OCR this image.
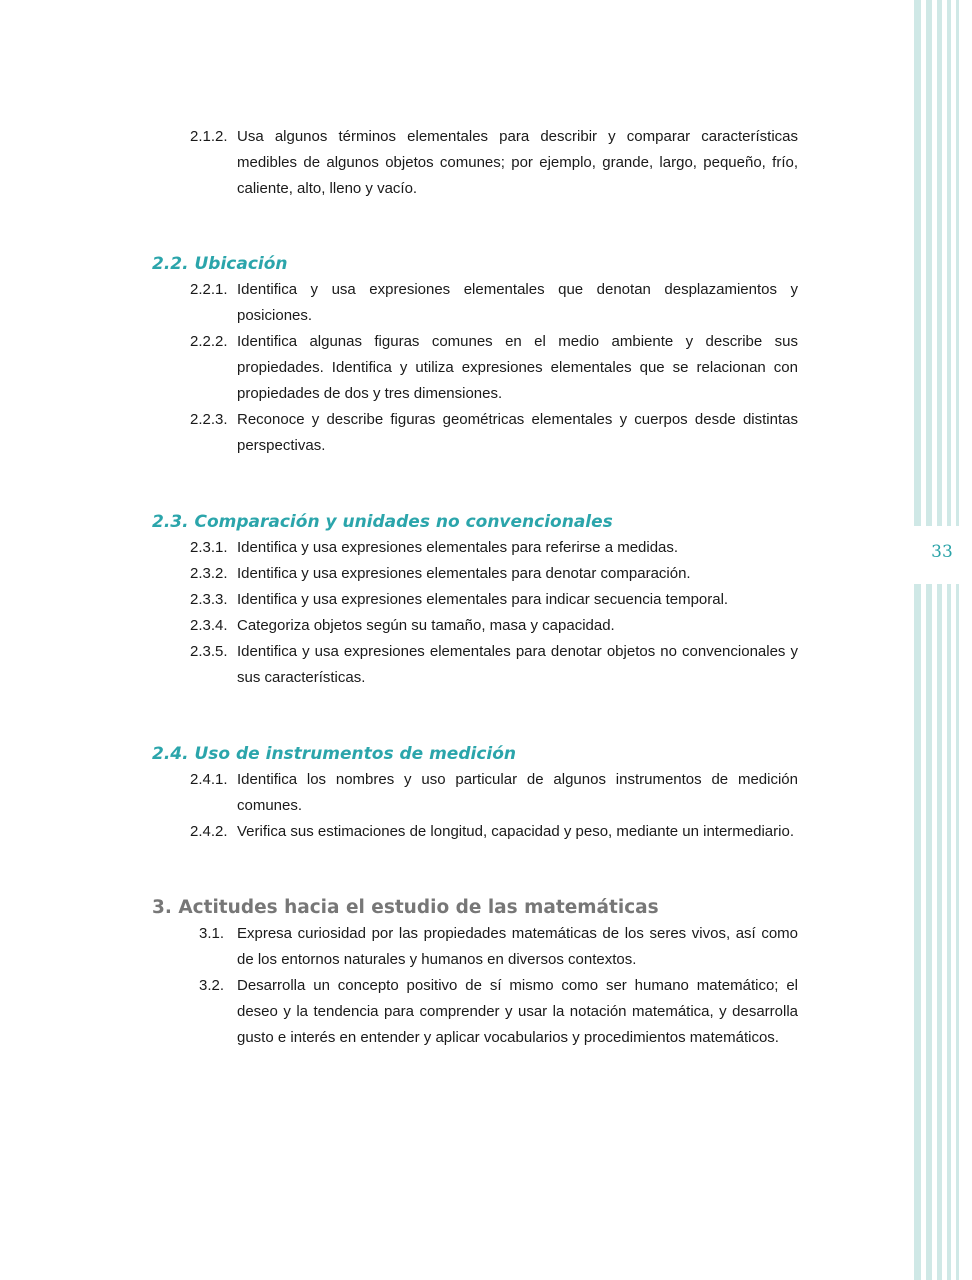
33
2.1.2. Usa algunos términos elementales para describir y comparar características medibles de algunos objetos comunes; por ejemplo, grande, largo, pequeño, frío, caliente, alto, lleno y vacío.
2.2. Ubicación
2.2.1. Identifica y usa expresiones elementales que denotan desplazamientos y posiciones.
2.2.2. Identifica algunas figuras comunes en el medio ambiente y describe sus propiedades. Identifica y utiliza expresiones elementales que se relacionan con propiedades de dos y tres dimensiones.
2.2.3. Reconoce y describe figuras geométricas elementales y cuerpos desde distintas perspectivas.
2.3. Comparación y unidades no convencionales
2.3.1. Identifica y usa expresiones elementales para referirse a medidas.
2.3.2. Identifica y usa expresiones elementales para denotar comparación.
2.3.3. Identifica y usa expresiones elementales para indicar secuencia temporal.
2.3.4. Categoriza objetos según su tamaño, masa y capacidad.
2.3.5. Identifica y usa expresiones elementales para denotar objetos no convencionales y sus características.
2.4. Uso de instrumentos de medición
2.4.1. Identifica los nombres y uso particular de algunos instrumentos de medición comunes.
2.4.2. Verifica sus estimaciones de longitud, capacidad y peso, mediante un intermediario.
3. Actitudes hacia el estudio de las matemáticas
3.1. Expresa curiosidad por las propiedades matemáticas de los seres vivos, así como de los entornos naturales y humanos en diversos contextos.
3.2. Desarrolla un concepto positivo de sí mismo como ser humano matemático; el deseo y la tendencia para comprender y usar la notación matemática, y desarrolla gusto e interés en entender y aplicar vocabularios y procedimientos matemáticos.
